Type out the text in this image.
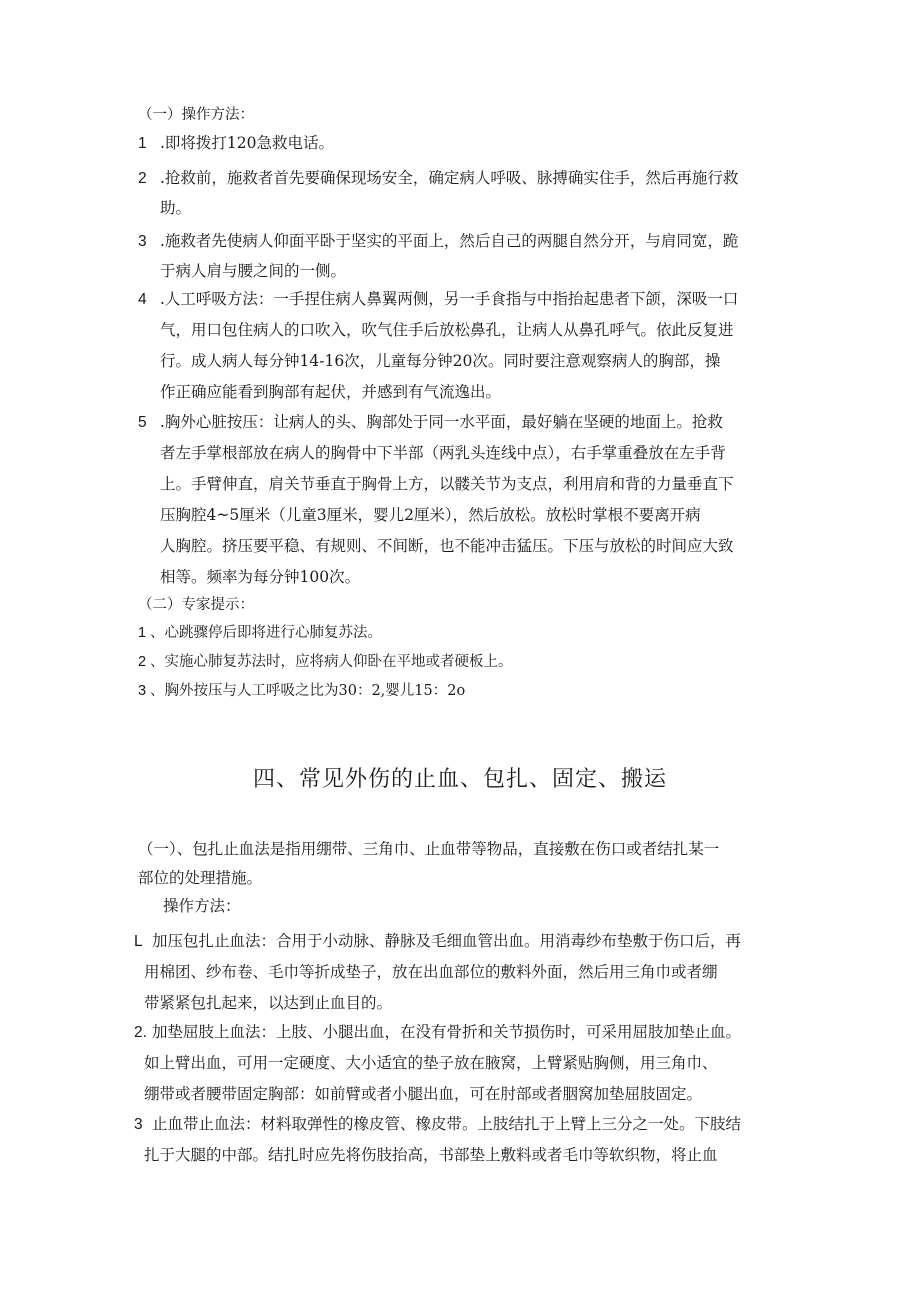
（一）操作方法：
1 .即将拨打120急救电话。
2 .抢救前，施救者首先要确保现场安全，确定病人呼吸、脉搏确实住手，然后再施行救
助。
3 .施救者先使病人仰面平卧于坚实的平面上，然后自己的两腿自然分开，与肩同宽，跪
于病人肩与腰之间的一侧。
4 .人工呼吸方法：一手捏住病人鼻翼两侧，另一手食指与中指抬起患者下颌，深吸一口
气，用口包住病人的口吹入，吹气住手后放松鼻孔，让病人从鼻孔呼气。依此反复进
行。成人病人每分钟14-16次，儿童每分钟20次。同时要注意观察病人的胸部，操
作正确应能看到胸部有起伏，并感到有气流逸出。
5 .胸外心脏按压：让病人的头、胸部处于同一水平面，最好躺在坚硬的地面上。抢救
者左手掌根部放在病人的胸骨中下半部（两乳头连线中点），右手掌重叠放在左手背
上。手臂伸直，肩关节垂直于胸骨上方，以髅关节为支点，利用肩和背的力量垂直下
压胸腔4~5厘米（儿童3厘米，婴儿2厘米），然后放松。放松时掌根不要离开病
人胸腔。挤压要平稳、有规则、不间断，也不能冲击猛压。下压与放松的时间应大致
相等。频率为每分钟100次。
（二）专家提示：
1 、心跳骤停后即将进行心肺复苏法。
2 、实施心肺复苏法时，应将病人仰卧在平地或者硬板上。
3 、胸外按压与人工呼吸之比为30：2,婴儿15：2o
四、常见外伤的止血、包扎、固定、搬运
（一）、包扎止血法是指用绷带、三角巾、止血带等物品，直接敷在伤口或者结扎某一
部位的处理措施。
操作方法：
L 加压包扎止血法：合用于小动脉、静脉及毛细血管出血。用消毒纱布垫敷于伤口后，再
用棉团、纱布卷、毛巾等折成垫子，放在出血部位的敷料外面，然后用三角巾或者绷
带紧紧包扎起来，以达到止血目的。
2. 加垫屈肢上血法：上肢、小腿出血，在没有骨折和关节损伤时，可采用屈肢加垫止血。
如上臂出血，可用一定硬度、大小适宜的垫子放在腋窝，上臂紧贴胸侧，用三角巾、
绷带或者腰带固定胸部：如前臂或者小腿出血，可在肘部或者胭窝加垫屈肢固定。
3 止血带止血法：材料取弹性的橡皮管、橡皮带。上肢结扎于上臂上三分之一处。下肢结
扎于大腿的中部。结扎时应先将伤肢抬高，书部垫上敷料或者毛巾等软织物，将止血
